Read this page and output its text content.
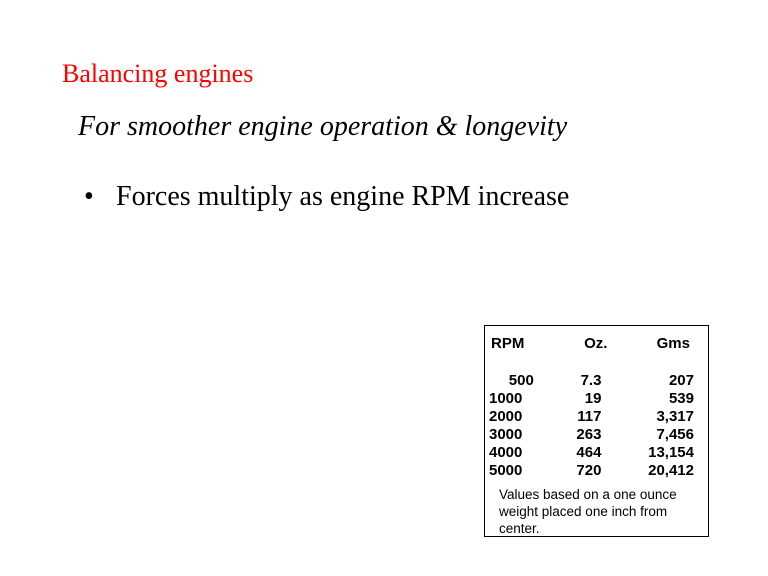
Balancing engines
For smoother engine operation & longevity
• Forces multiply as engine RPM increase
RPM	Oz.	Gms
500	7.3	207
1000	19	539
2000	117	3,317
3000	263	7,456
4000	464	13,154
5000	720	20,412
Values based on a one ounce weight placed one inch from center.
